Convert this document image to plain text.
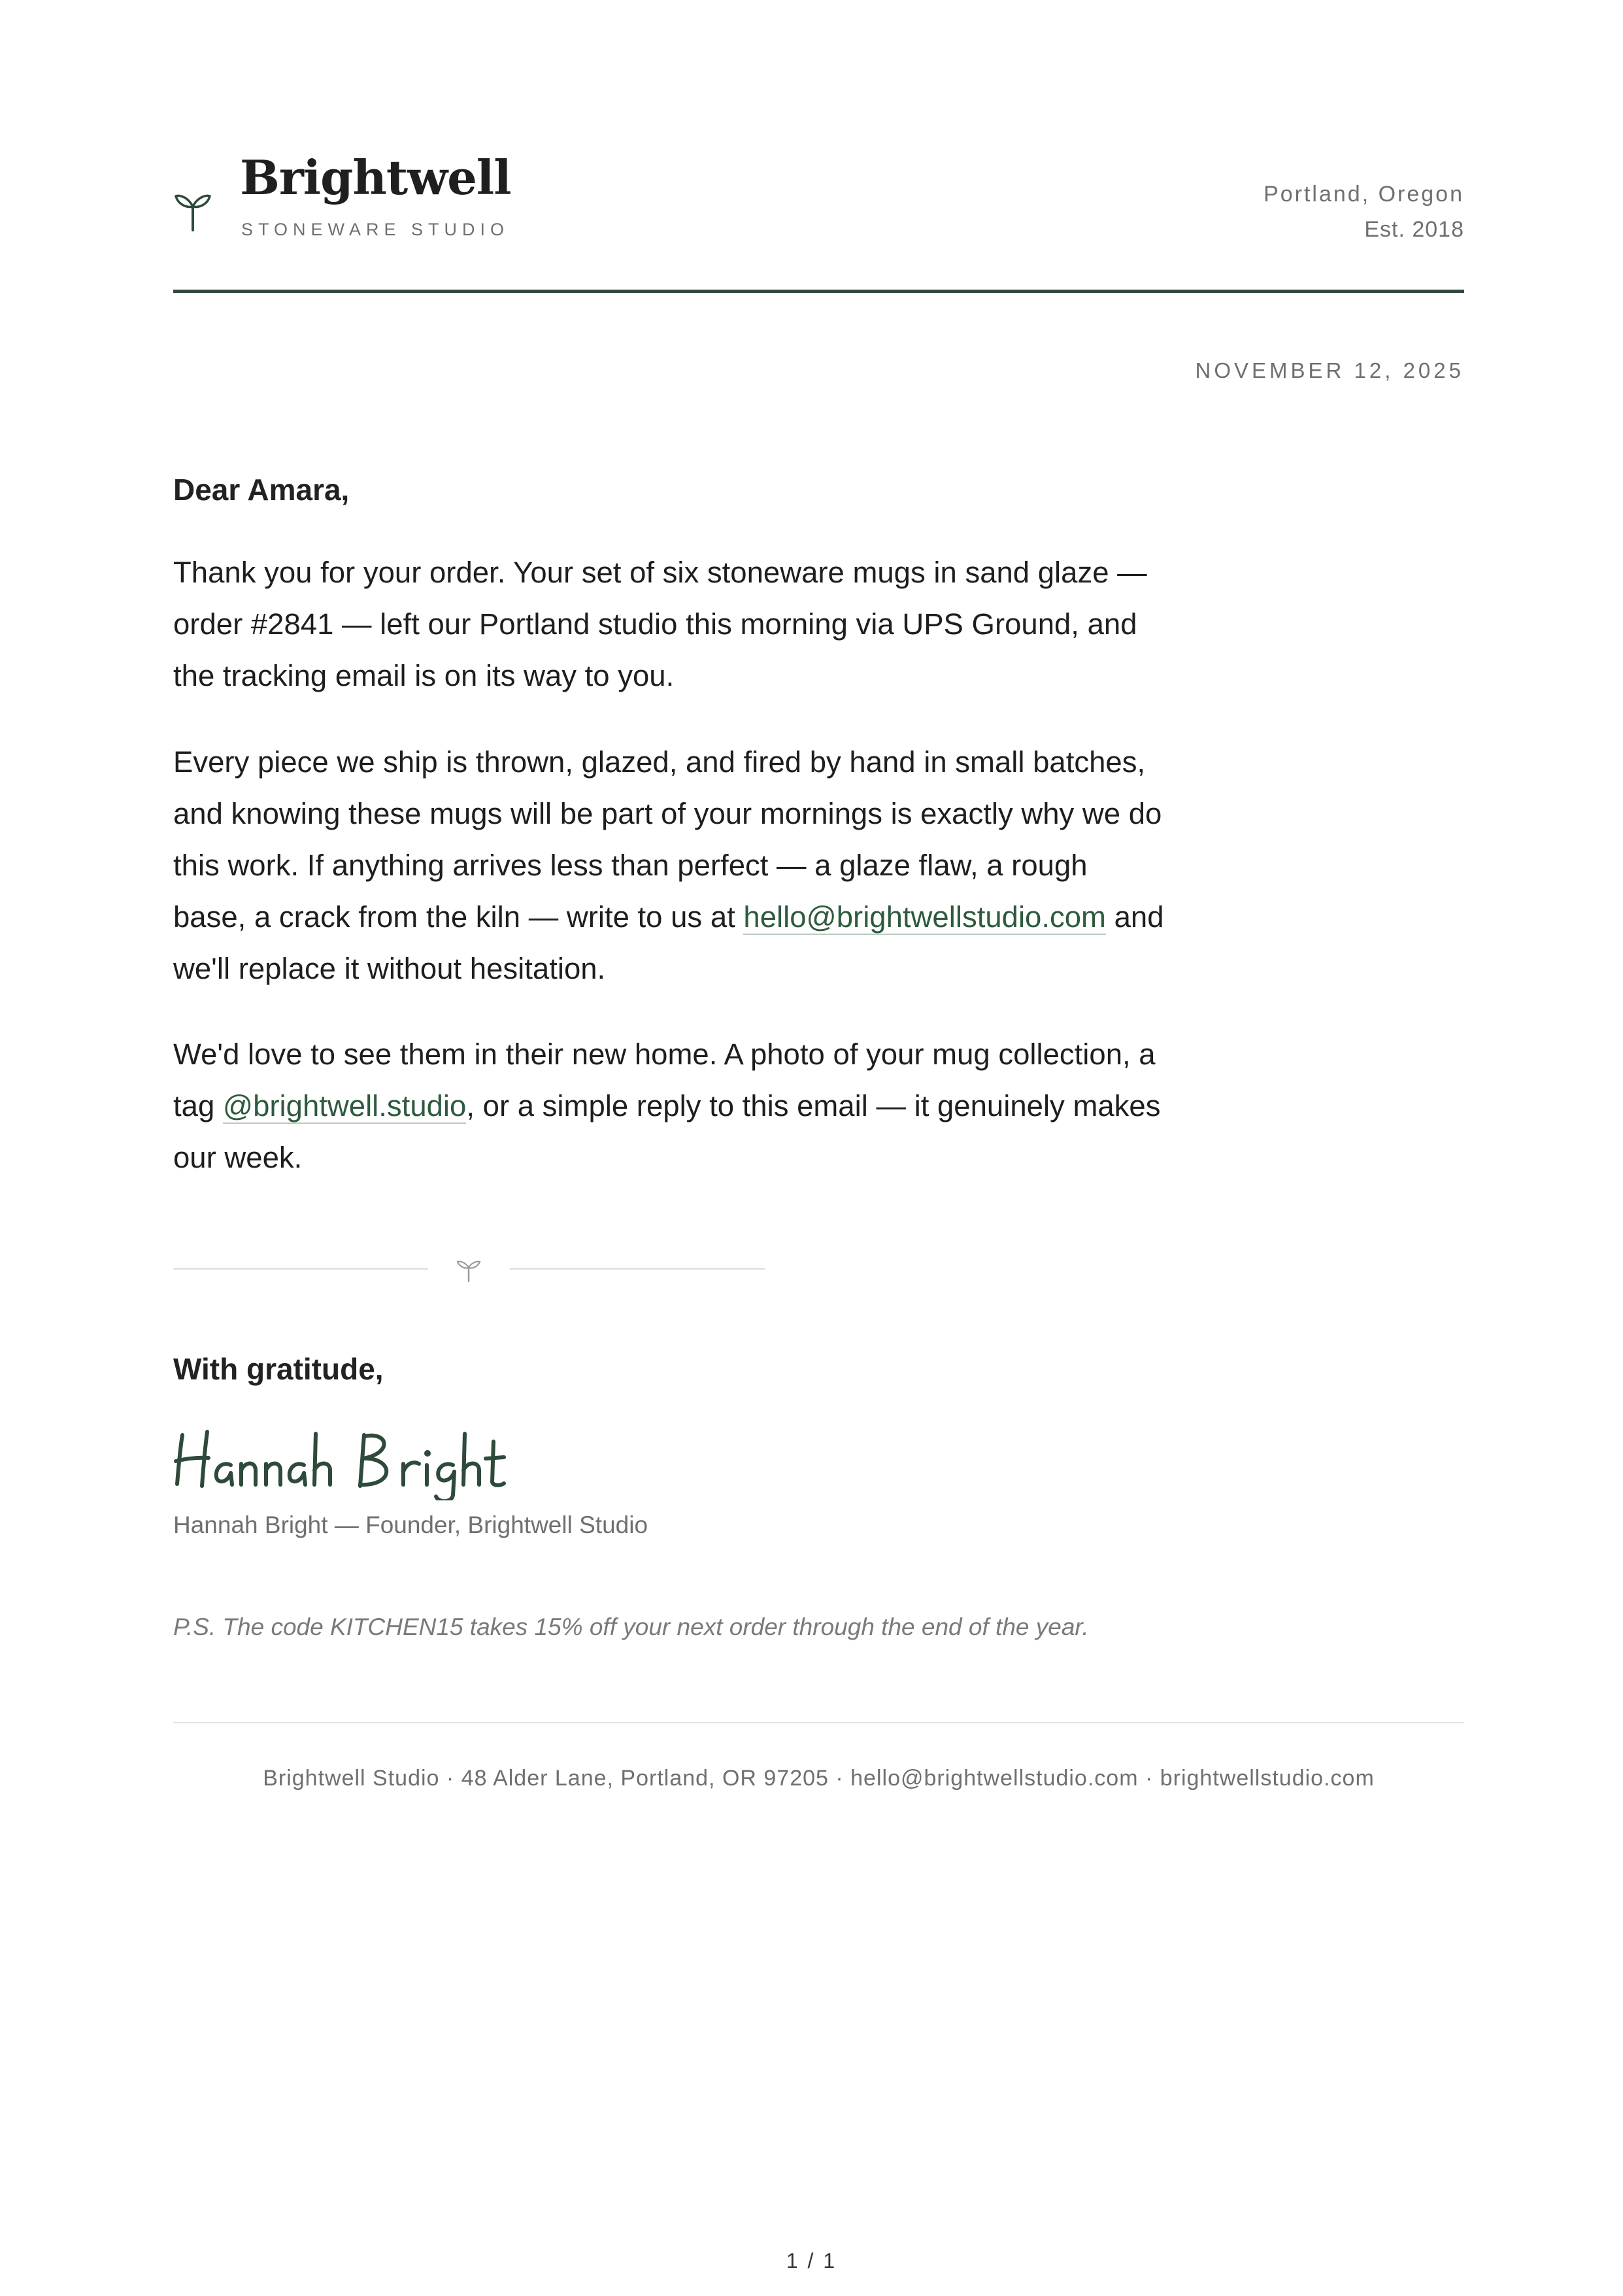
Brightwell
STONEWARE STUDIO
Portland, Oregon
Est. 2018
NOVEMBER 12, 2025
Dear Amara,
Thank you for your order. Your set of six stoneware mugs in sand glaze —
order #2841 — left our Portland studio this morning via UPS Ground, and
the tracking email is on its way to you.
Every piece we ship is thrown, glazed, and fired by hand in small batches,
and knowing these mugs will be part of your mornings is exactly why we do
this work. If anything arrives less than perfect — a glaze flaw, a rough
base, a crack from the kiln — write to us at hello@brightwellstudio.com and
we'll replace it without hesitation.
We'd love to see them in their new home. A photo of your mug collection, a
tag @brightwell.studio, or a simple reply to this email — it genuinely makes
our week.
With gratitude,
Hannah Bright — Founder, Brightwell Studio
P.S. The code KITCHEN15 takes 15% off your next order through the end of the year.
Brightwell Studio · 48 Alder Lane, Portland, OR 97205 · hello@brightwellstudio.com · brightwellstudio.com
1 / 1
